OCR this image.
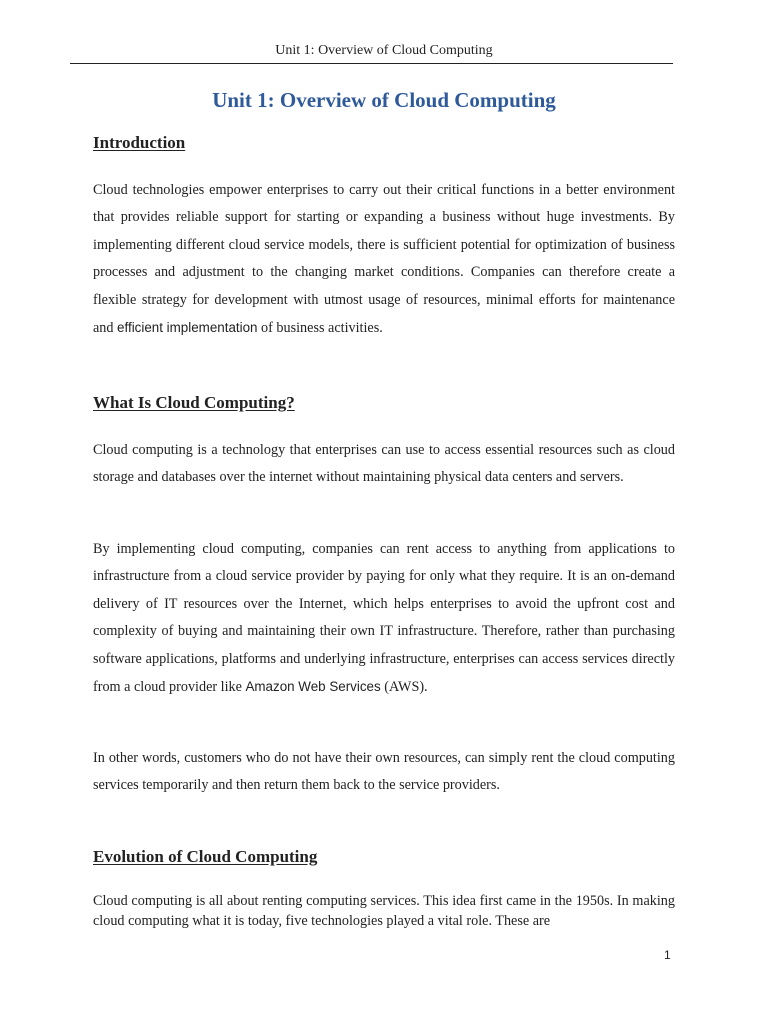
Unit 1: Overview of Cloud Computing
Unit 1: Overview of Cloud Computing
Introduction

Cloud technologies empower enterprises to carry out their critical functions in a better environment that provides reliable support for starting or expanding a business without huge investments. By implementing different cloud service models, there is sufficient potential for optimization of business processes and adjustment to the changing market conditions. Companies can therefore create a flexible strategy for development with utmost usage of resources, minimal efforts for maintenance and efficient implementation of business activities.

What Is Cloud Computing?

Cloud computing is a technology that enterprises can use to access essential resources such as cloud storage and databases over the internet without maintaining physical data centers and servers.

By implementing cloud computing, companies can rent access to anything from applications to infrastructure from a cloud service provider by paying for only what they require. It is an on-demand delivery of IT resources over the Internet, which helps enterprises to avoid the upfront cost and complexity of buying and maintaining their own IT infrastructure. Therefore, rather than purchasing software applications, platforms and underlying infrastructure, enterprises can access services directly from a cloud provider like Amazon Web Services (AWS).

In other words, customers who do not have their own resources, can simply rent the cloud computing services temporarily and then return them back to the service providers.

Evolution of Cloud Computing

Cloud computing is all about renting computing services. This idea first came in the 1950s. In making cloud computing what it is today, five technologies played a vital role. These are

1
